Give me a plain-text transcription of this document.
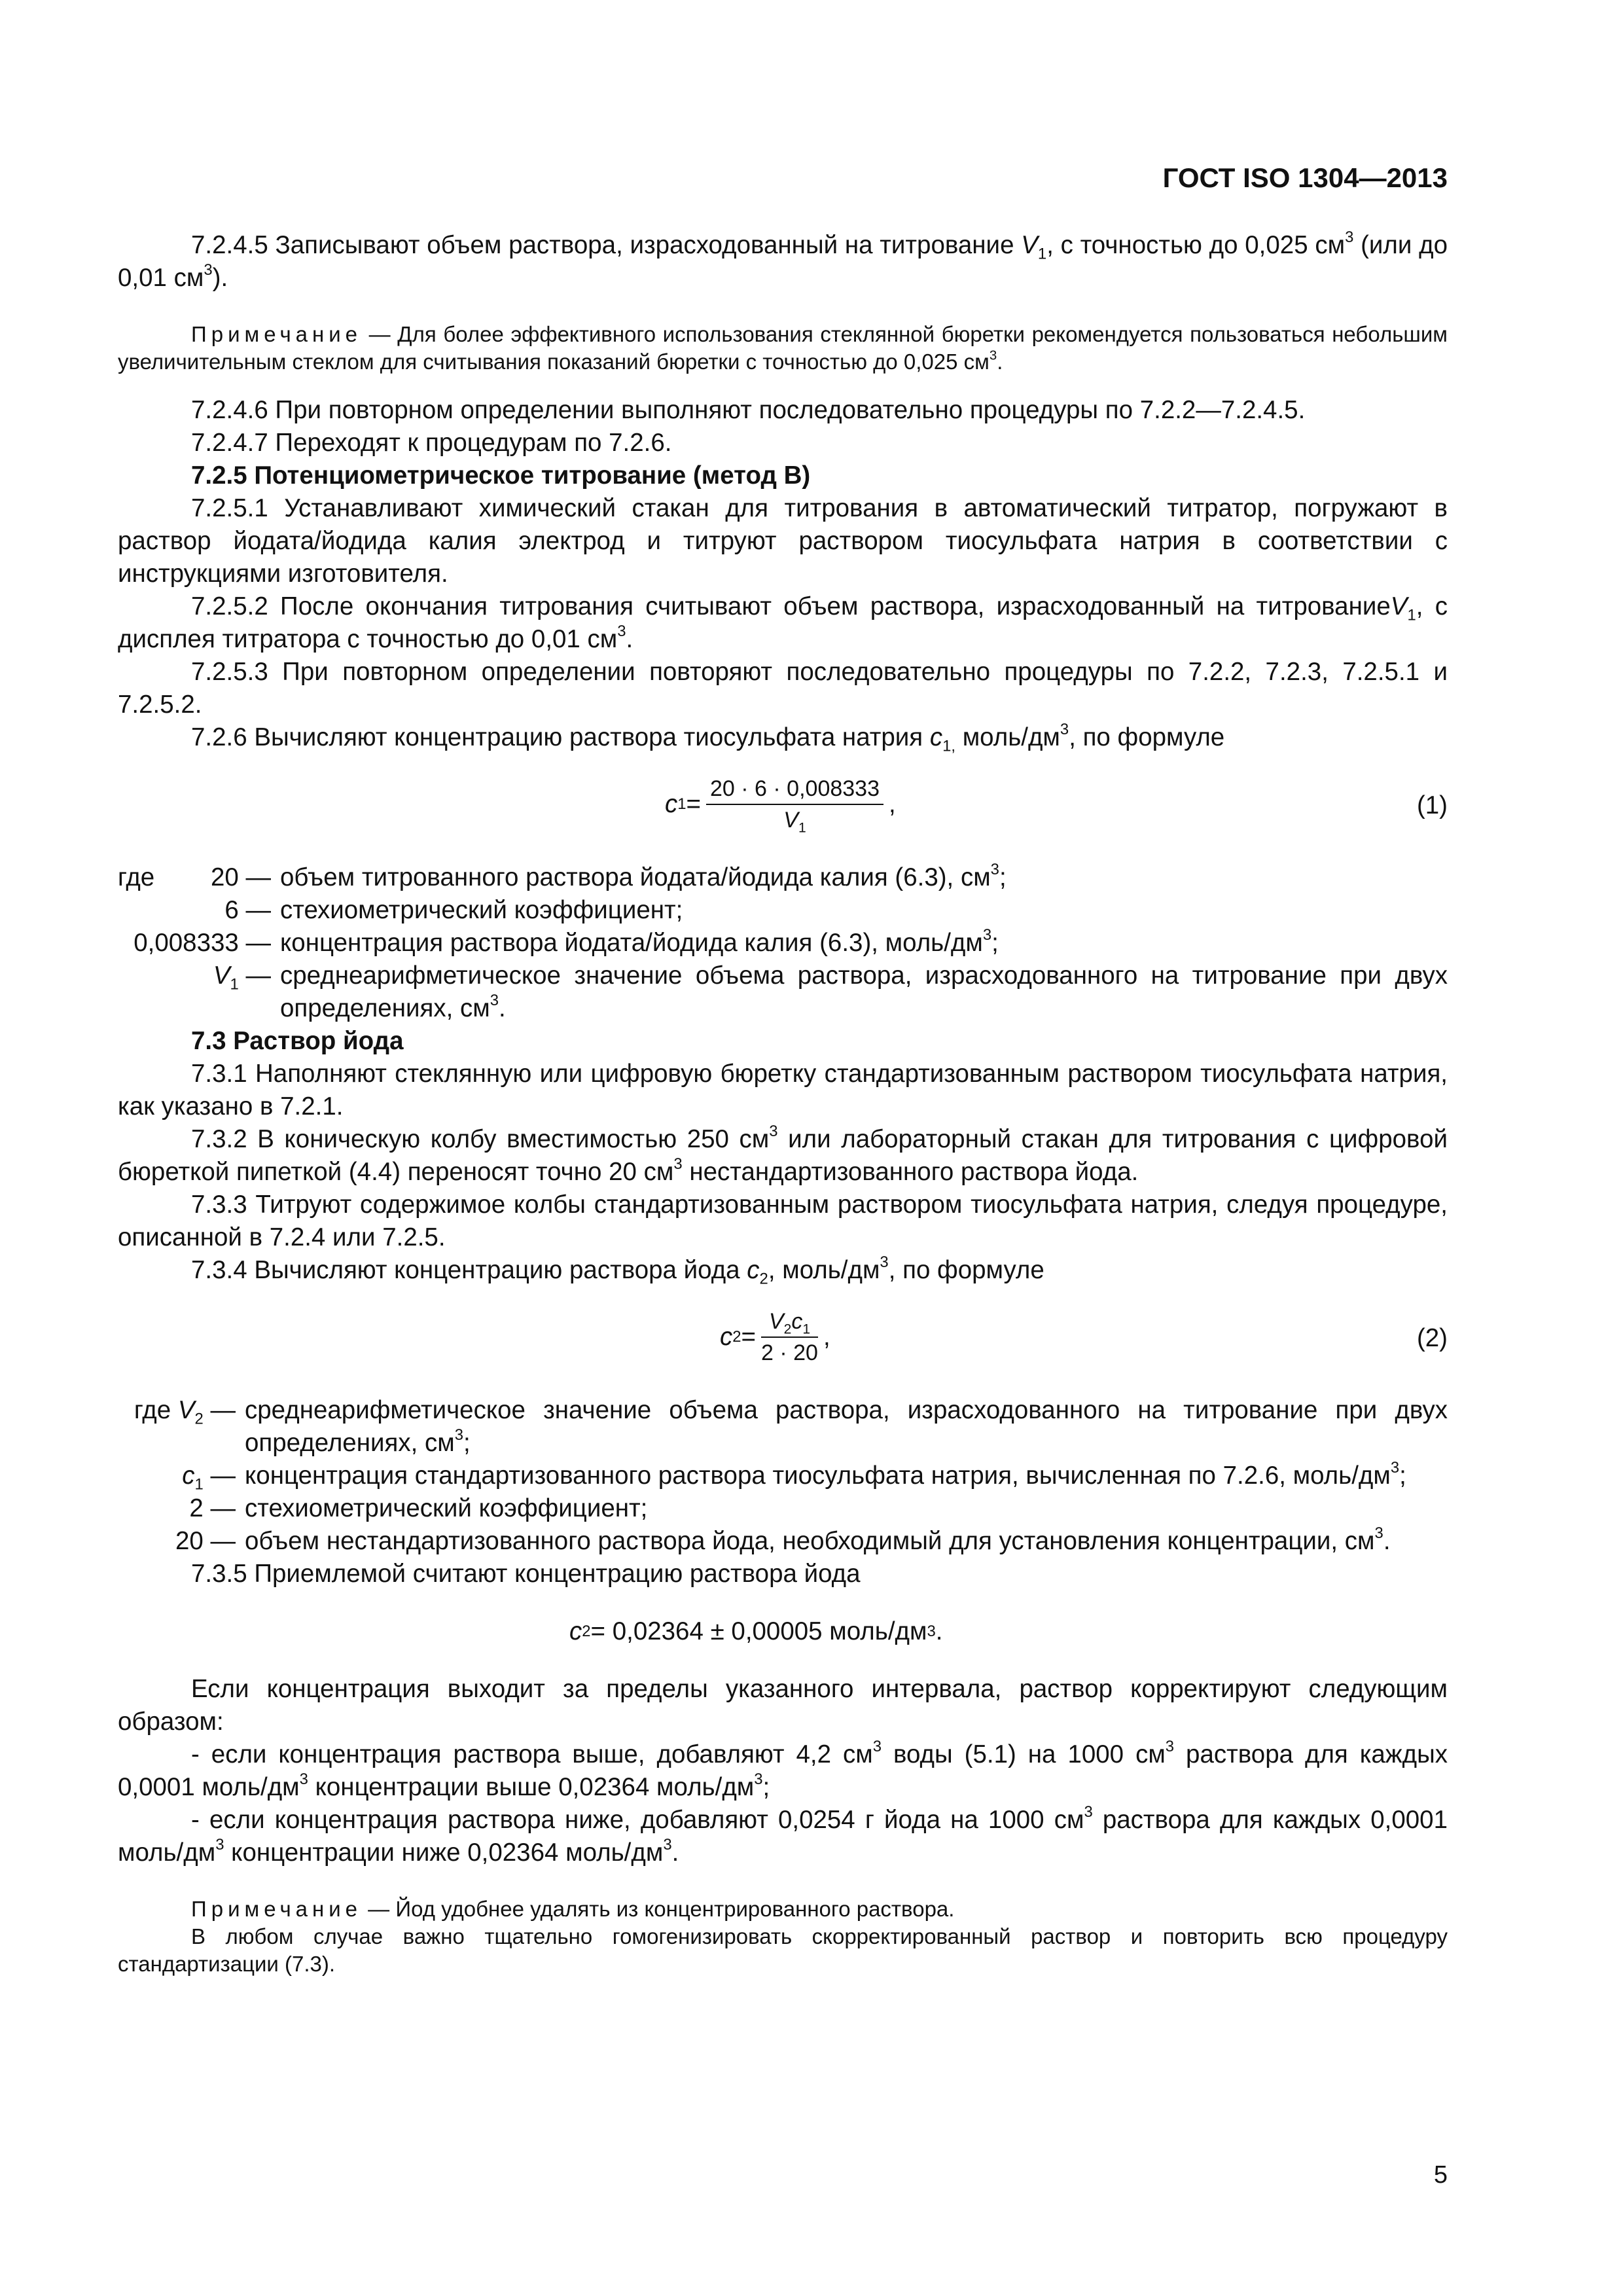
ГОСТ ISO 1304—2013

7.2.4.5 Записывают объем раствора, израсходованный на титрование $V_1$, с точностью до 0,025 $см^3$ (или до 0,01 $см^3$).

Примечание — Для более эффективного использования стеклянной бюретки рекомендуется пользоваться небольшим увеличительным стеклом для считывания показаний бюретки с точностью до 0,025 $см^3$.

7.2.4.6 При повторном определении выполняют последовательно процедуры по 7.2.2—7.2.4.5.

7.2.4.7 Переходят к процедурам по 7.2.6.

7.2.5 Потенциометрическое титрование (метод B)

7.2.5.1 Устанавливают химический стакан для титрования в автоматический титратор, погружают в раствор йодата/йодида калия электрод и титруют раствором тиосульфата натрия в соответствии с инструкциями изготовителя.

7.2.5.2 После окончания титрования считывают объем раствора, израсходованный на титрованиеV$_1$, с дисплея титратора с точностью до 0,01 $см^3$.

7.2.5.3 При повторном определении повторяют последовательно процедуры по 7.2.2, 7.2.3, 7.2.5.1 и 7.2.5.2.

7.2.6 Вычисляют концентрацию раствора тиосульфата натрия $c_{1,}$ моль/$дм^3$, по формуле

c $1 = \frac{20 \cdot 6 \cdot 0,008333}{V_1}$ ,	(1)
где	20 — объем титрованного раствора йодата/йодида калия (6.3), $см^3$;
6 — стехиометрический коэффициент;
0,008333 — концентрация раствора йодата/йодида калия (6.3), моль/$дм^3$;
$V_1$ — среднеарифметическое значение объема раствора, израсходованного на титрование при двух определениях, $см^3$.

7.3 Раствор йода

7.3.1 Наполняют стеклянную или цифровую бюретку стандартизованным раствором тиосульфата натрия, как указано в 7.2.1.

7.3.2 В коническую колбу вместимостью 250 $см^3$ или лабораторный стакан для титрования с цифровой бюреткой пипеткой (4.4) переносят точно 20 $см^3$ нестандартизованного раствора йода.

7.3.3 Титруют содержимое колбы стандартизованным раствором тиосульфата натрия, следуя процедуре, описанной в 7.2.4 или 7.2.5.

7.3.4 Вычисляют концентрацию раствора йода $c_2$, моль/$дм^3$, по формуле

c $2 = \frac{V_2c_1}{2 \cdot 20}$ ,	(2)
где $V_2$ — среднеарифметическое значение объема раствора, израсходованного на титрование при двух определениях, $см^3$;
$c_1$ — концентрация стандартизованного раствора тиосульфата натрия, вычисленная по 7.2.6, моль/$дм^3$;
2 — стехиометрический коэффициент;
20 — объем нестандартизованного раствора йода, необходимый для установления концентрации, $см^3$.

7.3.5 Приемлемой считают концентрацию раствора йода

c 2 = 0,02364 ± 0,00005 моль/дм 3 .

Если концентрация выходит за пределы указанного интервала, раствор корректируют следующим образом:

- если концентрация раствора выше, добавляют 4,2 $см^3$ воды (5.1) на 1000 $см^3$ раствора для каждых 0,0001 моль/$дм^3$ концентрации выше 0,02364 моль/$дм^3$;

- если концентрация раствора ниже, добавляют 0,0254 г йода на 1000 $см^3$ раствора для каждых 0,0001 моль/$дм^3$ концентрации ниже 0,02364 моль/$дм^3$.

Примечание — Йод удобнее удалять из концентрированного раствора.

В любом случае важно тщательно гомогенизировать скорректированный раствор и повторить всю процедуру стандартизации (7.3).

5
